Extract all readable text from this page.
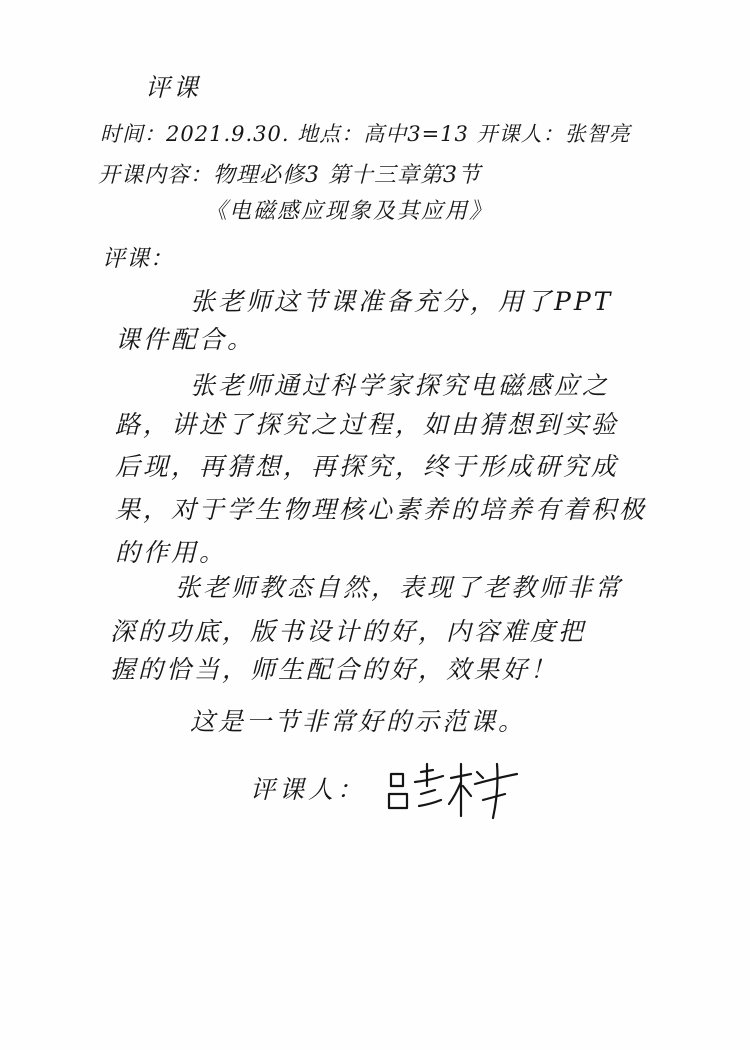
评课

时间：2021.9.30. 地点：高中3=13 开课人：张智亮

开课内容：物理必修3 第十三章第3节

《电磁感应现象及其应用》

评课：

张老师这节课准备充分，用了PPT

课件配合。

张老师通过科学家探究电磁感应之

路，讲述了探究之过程，如由猜想到实验

后现，再猜想，再探究，终于形成研究成

果，对于学生物理核心素养的培养有着积极

的作用。

张老师教态自然，表现了老教师非常

深的功底，版书设计的好，内容难度把

握的恰当，师生配合的好，效果好！

这是一节非常好的示范课。

评课人：
